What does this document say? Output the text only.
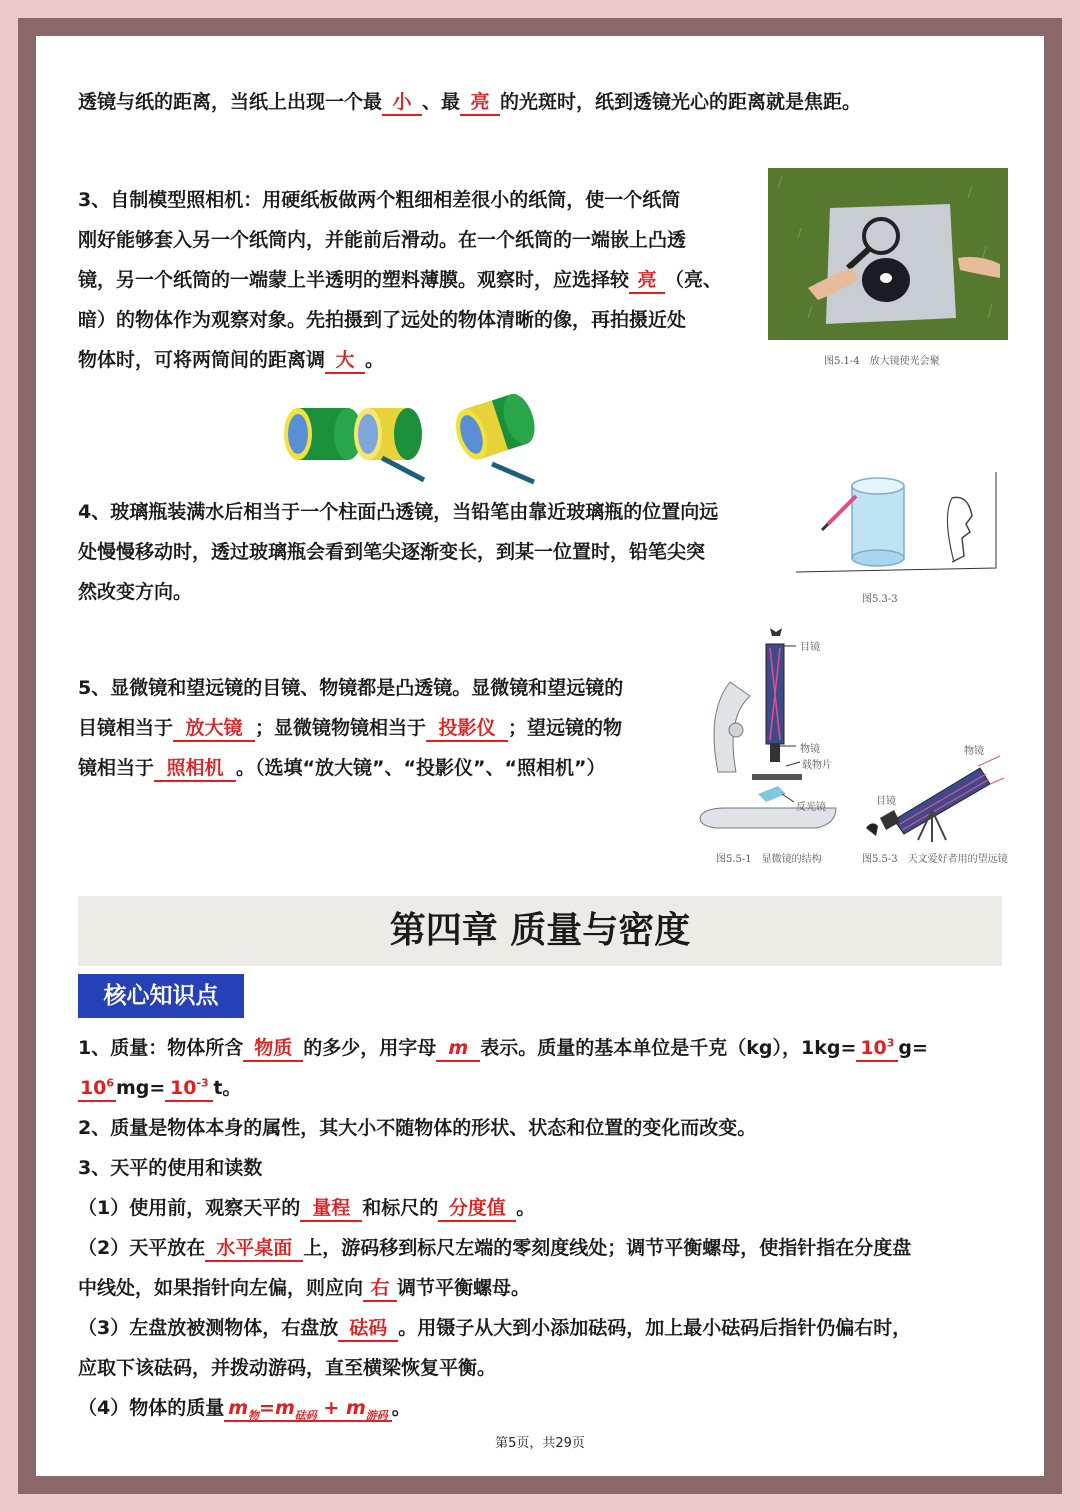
透镜与纸的距离，当纸上出现一个最 小 、最 亮 的光斑时，纸到透镜光心的距离就是焦距。
3、自制模型照相机：用硬纸板做两个粗细相差很小的纸筒，使一个纸筒
刚好能够套入另一个纸筒内，并能前后滑动。在一个纸筒的一端嵌上凸透
镜，另一个纸筒的一端蒙上半透明的塑料薄膜。观察时，应选择较 亮 （亮、
暗）的物体作为观察对象。先拍摄到了远处的物体清晰的像，再拍摄近处
物体时，可将两筒间的距离调 大 。	图5.1-4　放大镜使光会聚
4、玻璃瓶装满水后相当于一个柱面凸透镜，当铅笔由靠近玻璃瓶的位置向远
处慢慢移动时，透过玻璃瓶会看到笔尖逐渐变长，到某一位置时，铅笔尖突
然改变方向。	图5.3-3
5、显微镜和望远镜的目镜、物镜都是凸透镜。显微镜和望远镜的
目镜相当于 放大镜 ；显微镜物镜相当于 投影仪 ；望远镜的物
镜相当于 照相机 。（选填“放大镜”、“投影仪”、“照相机”）
目镜
物镜
载物片
反光镜
图5.5-1　显微镜的结构
物镜
目镜
图5.5-3　天文爱好者用的望远镜
第四章 质量与密度
核心知识点
1、质量：物体所含 物质 的多少，用字母 m 表示。质量的基本单位是千克（kg），$1kg= 10^3$ g=
$10^6$ $mg= 10^{-3}$ t。
2、质量是物体本身的属性，其大小不随物体的形状、状态和位置的变化而改变。
3、天平的使用和读数
（1）使用前，观察天平的 量程 和标尺的 分度值 。
（2）天平放在 水平桌面 上，游码移到标尺左端的零刻度线处；调节平衡螺母，使指针指在分度盘
中线处，如果指针向左偏，则应向 右 调节平衡螺母。
（3）左盘放被测物体，右盘放 砝码 。用镊子从大到小添加砝码，加上最小砝码后指针仍偏右时，
应取下该砝码，并拨动游码，直至横梁恢复平衡。
（4）物体的质量 $m_物=m_{砝码} + m_{游码}$ 。
第5页，共29页
